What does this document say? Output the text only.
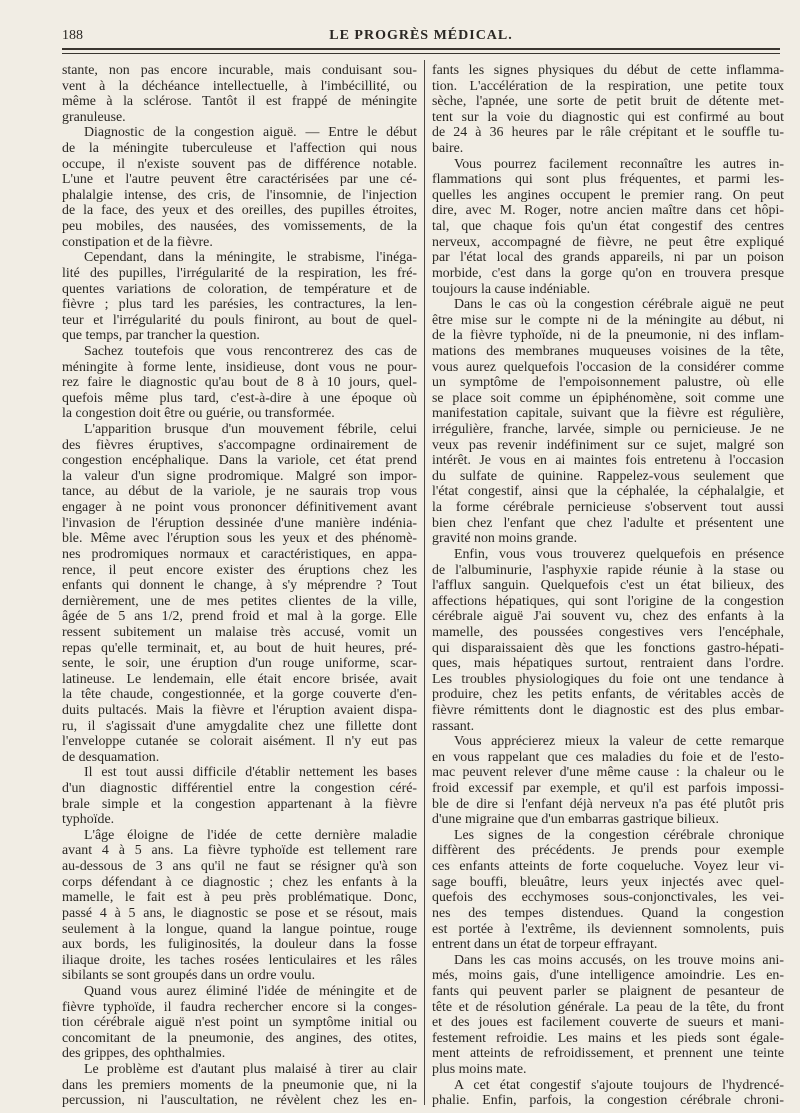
188	LE PROGRÈS MÉDICAL.
stante, non pas encore incurable, mais conduisant sou-
vent à la déchéance intellectuelle, à l'imbécillité, ou
même à la sclérose. Tantôt il est frappé de méningite
granuleuse.
Diagnostic de la congestion aiguë. — Entre le début
de la méningite tuberculeuse et l'affection qui nous
occupe, il n'existe souvent pas de différence notable.
L'une et l'autre peuvent être caractérisées par une cé-
phalalgie intense, des cris, de l'insomnie, de l'injection
de la face, des yeux et des oreilles, des pupilles étroites,
peu mobiles, des nausées, des vomissements, de la
constipation et de la fièvre.
Cependant, dans la méningite, le strabisme, l'inéga-
lité des pupilles, l'irrégularité de la respiration, les fré-
quentes variations de coloration, de température et de
fièvre ; plus tard les parésies, les contractures, la len-
teur et l'irrégularité du pouls finiront, au bout de quel-
que temps, par trancher la question.
Sachez toutefois que vous rencontrerez des cas de
méningite à forme lente, insidieuse, dont vous ne pour-
rez faire le diagnostic qu'au bout de 8 à 10 jours, quel-
quefois même plus tard, c'est-à-dire à une époque où
la congestion doit être ou guérie, ou transformée.
L'apparition brusque d'un mouvement fébrile, celui
des fièvres éruptives, s'accompagne ordinairement de
congestion encéphalique. Dans la variole, cet état prend
la valeur d'un signe prodromique. Malgré son impor-
tance, au début de la variole, je ne saurais trop vous
engager à ne point vous prononcer définitivement avant
l'invasion de l'éruption dessinée d'une manière indénia-
ble. Même avec l'éruption sous les yeux et des phénomè-
nes prodromiques normaux et caractéristiques, en appa-
rence, il peut encore exister des éruptions chez les
enfants qui donnent le change, à s'y méprendre ? Tout
dernièrement, une de mes petites clientes de la ville,
âgée de 5 ans 1/2, prend froid et mal à la gorge. Elle
ressent subitement un malaise très accusé, vomit un
repas qu'elle terminait, et, au bout de huit heures, pré-
sente, le soir, une éruption d'un rouge uniforme, scar-
latineuse. Le lendemain, elle était encore brisée, avait
la tête chaude, congestionnée, et la gorge couverte d'en-
duits pultacés. Mais la fièvre et l'éruption avaient dispa-
ru, il s'agissait d'une amygdalite chez une fillette dont
l'enveloppe cutanée se colorait aisément. Il n'y eut pas
de desquamation.
Il est tout aussi difficile d'établir nettement les bases
d'un diagnostic différentiel entre la congestion céré-
brale simple et la congestion appartenant à la fièvre
typhoïde.
L'âge éloigne de l'idée de cette dernière maladie
avant 4 à 5 ans. La fièvre typhoïde est tellement rare
au-dessous de 3 ans qu'il ne faut se résigner qu'à son
corps défendant à ce diagnostic ; chez les enfants à la
mamelle, le fait est à peu près problématique. Donc,
passé 4 à 5 ans, le diagnostic se pose et se résout, mais
seulement à la longue, quand la langue pointue, rouge
aux bords, les fuliginosités, la douleur dans la fosse
iliaque droite, les taches rosées lenticulaires et les râles
sibilants se sont groupés dans un ordre voulu.
Quand vous aurez éliminé l'idée de méningite et de
fièvre typhoïde, il faudra rechercher encore si la conges-
tion cérébrale aiguë n'est point un symptôme initial ou
concomitant de la pneumonie, des angines, des otites,
des grippes, des ophthalmies.
Le problème est d'autant plus malaisé à tirer au clair
dans les premiers moments de la pneumonie que, ni la
percussion, ni l'auscultation, ne révèlent chez les en-
fants les signes physiques du début de cette inflamma-
tion. L'accélération de la respiration, une petite toux
sèche, l'apnée, une sorte de petit bruit de détente met-
tent sur la voie du diagnostic qui est confirmé au bout
de 24 à 36 heures par le râle crépitant et le souffle tu-
baire.
Vous pourrez facilement reconnaître les autres in-
flammations qui sont plus fréquentes, et parmi les-
quelles les angines occupent le premier rang. On peut
dire, avec M. Roger, notre ancien maître dans cet hôpi-
tal, que chaque fois qu'un état congestif des centres
nerveux, accompagné de fièvre, ne peut être expliqué
par l'état local des grands appareils, ni par un poison
morbide, c'est dans la gorge qu'on en trouvera presque
toujours la cause indéniable.
Dans le cas où la congestion cérébrale aiguë ne peut
être mise sur le compte ni de la méningite au début, ni
de la fièvre typhoïde, ni de la pneumonie, ni des inflam-
mations des membranes muqueuses voisines de la tête,
vous aurez quelquefois l'occasion de la considérer comme
un symptôme de l'empoisonnement palustre, où elle
se place soit comme un épiphénomène, soit comme une
manifestation capitale, suivant que la fièvre est régulière,
irrégulière, franche, larvée, simple ou pernicieuse. Je ne
veux pas revenir indéfiniment sur ce sujet, malgré son
intérêt. Je vous en ai maintes fois entretenu à l'occasion
du sulfate de quinine. Rappelez-vous seulement que
l'état congestif, ainsi que la céphalée, la céphalalgie, et
la forme cérébrale pernicieuse s'observent tout aussi
bien chez l'enfant que chez l'adulte et présentent une
gravité non moins grande.
Enfin, vous vous trouverez quelquefois en présence
de l'albuminurie, l'asphyxie rapide réunie à la stase ou
l'afflux sanguin. Quelquefois c'est un état bilieux, des
affections hépatiques, qui sont l'origine de la congestion
cérébrale aiguë J'ai souvent vu, chez des enfants à la
mamelle, des poussées congestives vers l'encéphale,
qui disparaissaient dès que les fonctions gastro-hépati-
ques, mais hépatiques surtout, rentraient dans l'ordre.
Les troubles physiologiques du foie ont une tendance à
produire, chez les petits enfants, de véritables accès de
fièvre rémittents dont le diagnostic est des plus embar-
rassant.
Vous apprécierez mieux la valeur de cette remarque
en vous rappelant que ces maladies du foie et de l'esto-
mac peuvent relever d'une même cause : la chaleur ou le
froid excessif par exemple, et qu'il est parfois impossi-
ble de dire si l'enfant déjà nerveux n'a pas été plutôt pris
d'une migraine que d'un embarras gastrique bilieux.
Les signes de la congestion cérébrale chronique
diffèrent des précédents. Je prends pour exemple
ces enfants atteints de forte coqueluche. Voyez leur vi-
sage bouffi, bleuâtre, leurs yeux injectés avec quel-
quefois des ecchymoses sous-conjonctivales, les vei-
nes des tempes distendues. Quand la congestion
est portée à l'extrême, ils deviennent somnolents, puis
entrent dans un état de torpeur effrayant.
Dans les cas moins accusés, on les trouve moins ani-
més, moins gais, d'une intelligence amoindrie. Les en-
fants qui peuvent parler se plaignent de pesanteur de
tête et de résolution générale. La peau de la tête, du front
et des joues est facilement couverte de sueurs et mani-
festement refroidie. Les mains et les pieds sont égale-
ment atteints de refroidissement, et prennent une teinte
plus moins mate.
A cet état congestif s'ajoute toujours de l'hydrencé-
phalie. Enfin, parfois, la congestion cérébrale chroni-
